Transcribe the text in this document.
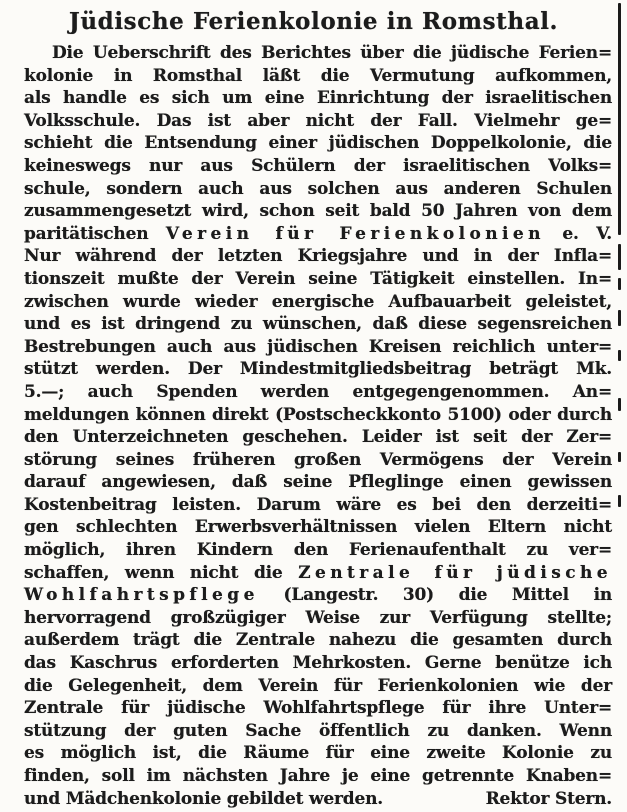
Jüdische Ferienkolonie in Romsthal.
Die Ueberschrift des Berichtes über die jüdische Ferien=
kolonie in Romsthal läßt die Vermutung aufkommen,
als handle es sich um eine Einrichtung der israelitischen
Volksschule. Das ist aber nicht der Fall. Vielmehr ge=
schieht die Entsendung einer jüdischen Doppelkolonie, die
keineswegs nur aus Schülern der israelitischen Volks=
schule, sondern auch aus solchen aus anderen Schulen
zusammengesetzt wird, schon seit bald 50 Jahren von dem
paritätischen Verein für Ferienkolonien e. V.
Nur während der letzten Kriegsjahre und in der Infla=
tionszeit mußte der Verein seine Tätigkeit einstellen. In=
zwischen wurde wieder energische Aufbauarbeit geleistet,
und es ist dringend zu wünschen, daß diese segensreichen
Bestrebungen auch aus jüdischen Kreisen reichlich unter=
stützt werden. Der Mindestmitgliedsbeitrag beträgt Mk.
5.—; auch Spenden werden entgegengenommen. An=
meldungen können direkt (Postscheckkonto 5100) oder durch
den Unterzeichneten geschehen. Leider ist seit der Zer=
störung seines früheren großen Vermögens der Verein
darauf angewiesen, daß seine Pfleglinge einen gewissen
Kostenbeitrag leisten. Darum wäre es bei den derzeiti=
gen schlechten Erwerbsverhältnissen vielen Eltern nicht
möglich, ihren Kindern den Ferienaufenthalt zu ver=
schaffen, wenn nicht die Zentrale für jüdische
Wohlfahrtspflege (Langestr. 30) die Mittel in
hervorragend großzügiger Weise zur Verfügung stellte;
außerdem trägt die Zentrale nahezu die gesamten durch
das Kaschrus erforderten Mehrkosten. Gerne benütze ich
die Gelegenheit, dem Verein für Ferienkolonien wie der
Zentrale für jüdische Wohlfahrtspflege für ihre Unter=
stützung der guten Sache öffentlich zu danken. Wenn
es möglich ist, die Räume für eine zweite Kolonie zu
finden, soll im nächsten Jahre je eine getrennte Knaben=
und Mädchenkolonie gebildet werden.	Rektor Stern.
